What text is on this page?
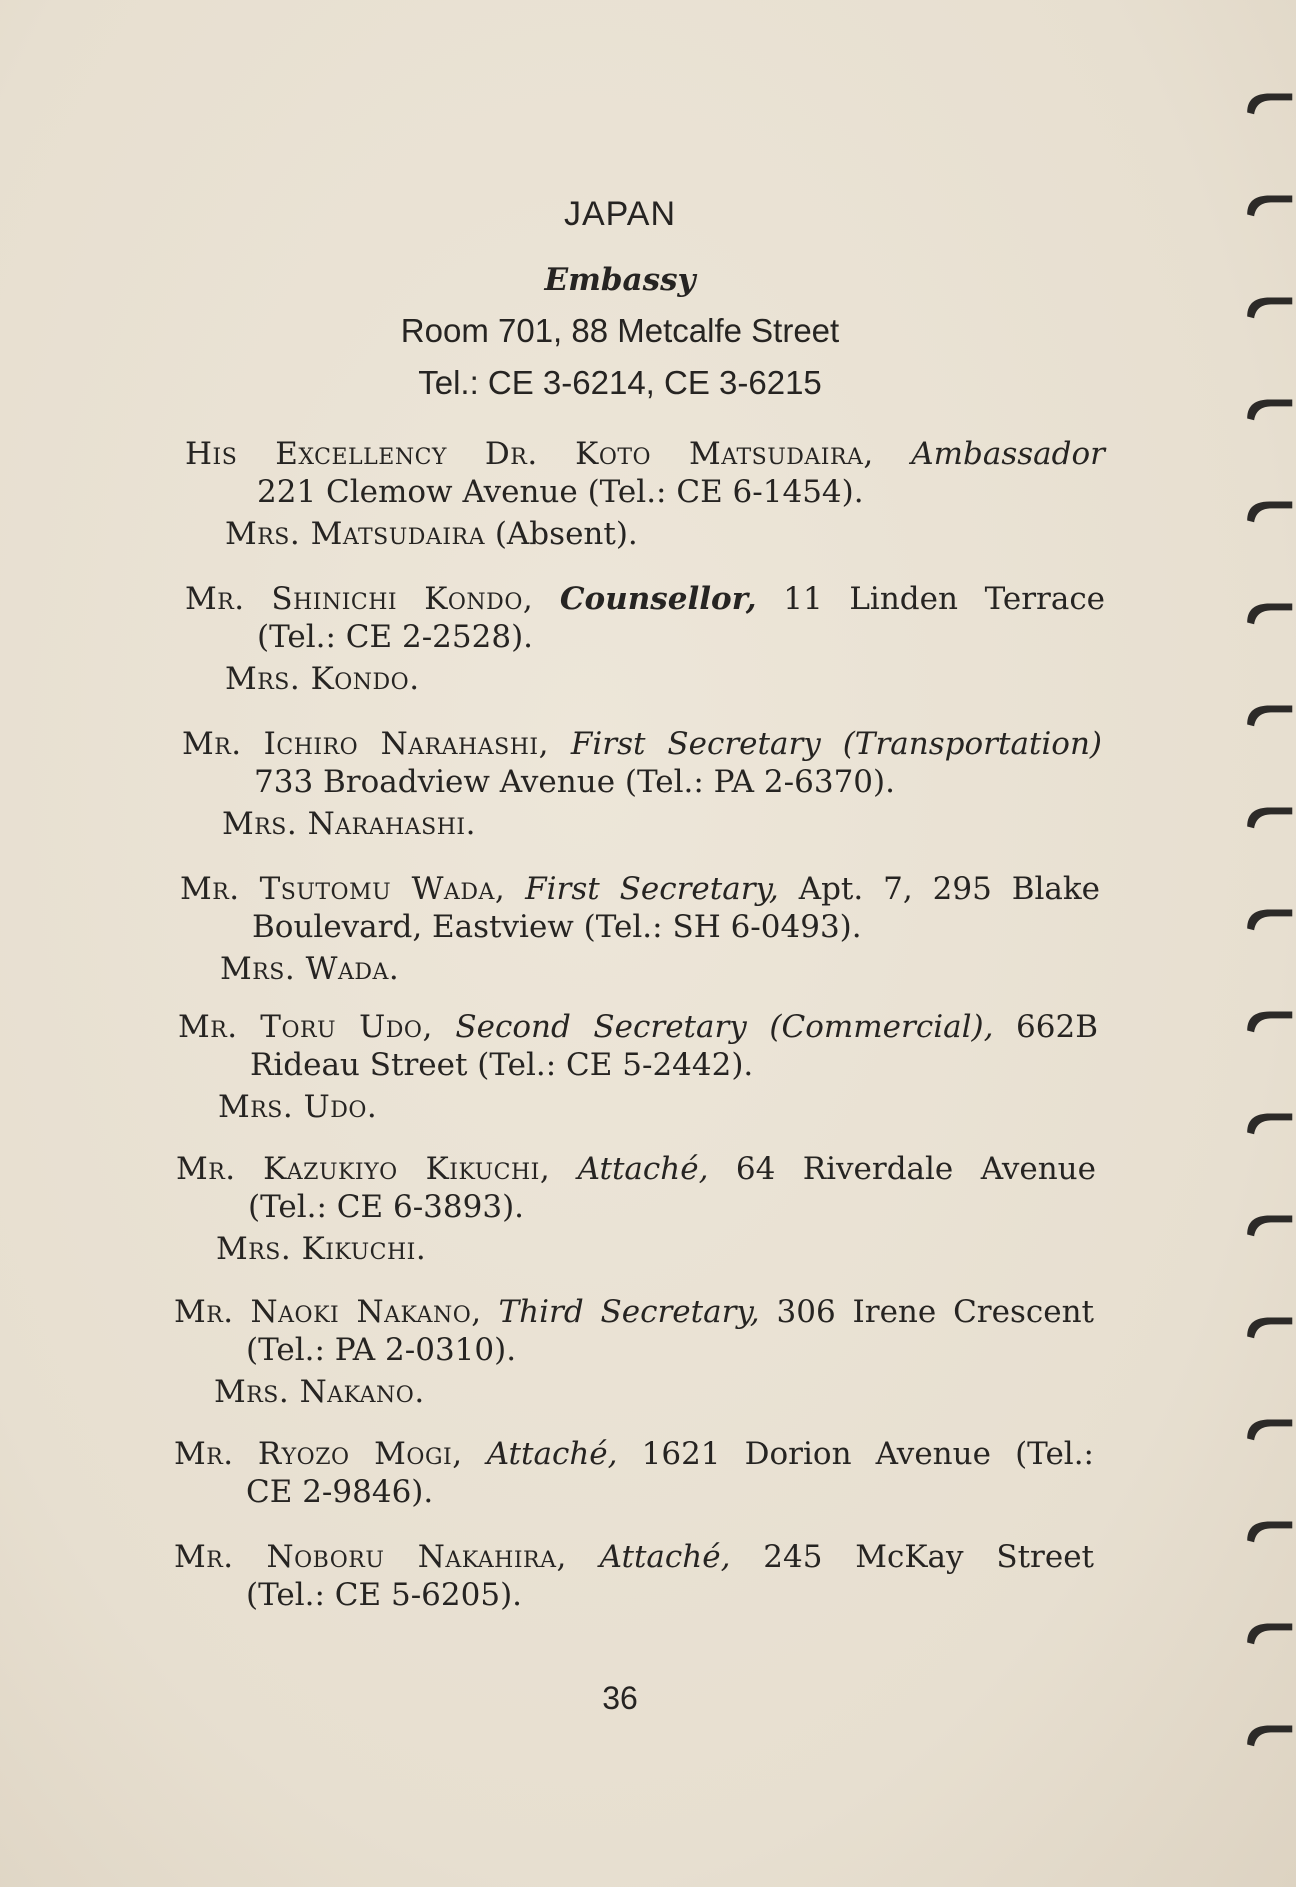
JAPAN
Embassy
Room 701, 88 Metcalfe Street
Tel.: CE 3-6214, CE 3-6215
His Excellency Dr. Koto Matsudaira, Ambassador
221 Clemow Avenue (Tel.: CE 6-1454).
Mrs. Matsudaira (Absent).
Mr. Shinichi Kondo, Counsellor, 11 Linden Terrace
(Tel.: CE 2-2528).
Mrs. Kondo.
Mr. Ichiro Narahashi, First Secretary (Transportation)
733 Broadview Avenue (Tel.: PA 2-6370).
Mrs. Narahashi.
Mr. Tsutomu Wada, First Secretary, Apt. 7, 295 Blake
Boulevard, Eastview (Tel.: SH 6-0493).
Mrs. Wada.
Mr. Toru Udo, Second Secretary (Commercial), 662B
Rideau Street (Tel.: CE 5-2442).
Mrs. Udo.
Mr. Kazukiyo Kikuchi, Attaché, 64 Riverdale Avenue
(Tel.: CE 6-3893).
Mrs. Kikuchi.
Mr. Naoki Nakano, Third Secretary, 306 Irene Crescent
(Tel.: PA 2-0310).
Mrs. Nakano.
Mr. Ryozo Mogi, Attaché, 1621 Dorion Avenue (Tel.:
CE 2-9846).
Mr. Noboru Nakahira, Attaché, 245 McKay Street
(Tel.: CE 5-6205).
36
